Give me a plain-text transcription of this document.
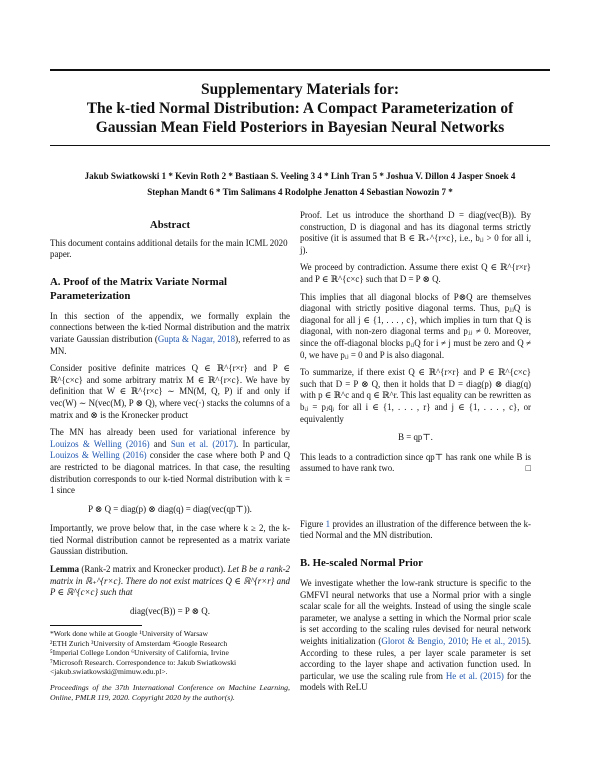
Supplementary Materials for:
The k-tied Normal Distribution: A Compact Parameterization of
Gaussian Mean Field Posteriors in Bayesian Neural Networks
Jakub Swiatkowski 1 * Kevin Roth 2 * Bastiaan S. Veeling 3 4 * Linh Tran 5 * Joshua V. Dillon 4 Jasper Snoek 4
Stephan Mandt 6 * Tim Salimans 4 Rodolphe Jenatton 4 Sebastian Nowozin 7 *
Abstract

This document contains additional details for the main ICML 2020 paper.

A. Proof of the Matrix Variate Normal Parameterization

In this section of the appendix, we formally explain the connections between the k-tied Normal distribution and the matrix variate Gaussian distribution (Gupta & Nagar, 2018), referred to as MN.

Consider positive definite matrices Q ∈ ℝ^{r×r} and P ∈ ℝ^{c×c} and some arbitrary matrix M ∈ ℝ^{r×c}. We have by definition that W ∈ ℝ^{r×c} ∼ MN(M, Q, P) if and only if vec(W) ∼ N(vec(M), P ⊗ Q), where vec(·) stacks the columns of a matrix and ⊗ is the Kronecker product

The MN has already been used for variational inference by Louizos & Welling (2016) and Sun et al. (2017). In particular, Louizos & Welling (2016) consider the case where both P and Q are restricted to be diagonal matrices. In that case, the resulting distribution corresponds to our k-tied Normal distribution with k = 1 since

P ⊗ Q = diag(p) ⊗ diag(q) = diag(vec(qp⊤)).

Importantly, we prove below that, in the case where k ≥ 2, the k-tied Normal distribution cannot be represented as a matrix variate Gaussian distribution.

Lemma (Rank-2 matrix and Kronecker product). Let B be a rank-2 matrix in ℝ₊^{r×c}. There do not exist matrices Q ∈ ℝ^{r×r} and P ∈ ℝ^{c×c} such that

diag(vec(B)) = P ⊗ Q.
*Work done while at Google ¹University of Warsaw
²ETH Zurich ³University of Amsterdam ⁴Google Research
⁵Imperial College London ⁶University of California, Irvine
⁷Microsoft Research. Correspondence to: Jakub Swiatkowski
<jakub.swiatkowski@mimuw.edu.pl>.
Proceedings of the 37th International Conference on Machine Learning, Online, PMLR 119, 2020. Copyright 2020 by the author(s).

Proof. Let us introduce the shorthand D = diag(vec(B)). By construction, D is diagonal and has its diagonal terms strictly positive (it is assumed that B ∈ ℝ₊^{r×c}, i.e., bᵢⱼ > 0 for all i, j).

We proceed by contradiction. Assume there exist Q ∈ ℝ^{r×r} and P ∈ ℝ^{c×c} such that D = P ⊗ Q.

This implies that all diagonal blocks of P⊗Q are themselves diagonal with strictly positive diagonal terms. Thus, pⱼⱼQ is diagonal for all j ∈ {1, . . . , c}, which implies in turn that Q is diagonal, with non-zero diagonal terms and pⱼⱼ ≠ 0. Moreover, since the off-diagonal blocks pᵢⱼQ for i ≠ j must be zero and Q ≠ 0, we have pᵢⱼ = 0 and P is also diagonal.

To summarize, if there exist Q ∈ ℝ^{r×r} and P ∈ ℝ^{c×c} such that D = P ⊗ Q, then it holds that D = diag(p) ⊗ diag(q) with p ∈ ℝ^c and q ∈ ℝ^r. This last equality can be rewritten as bᵢⱼ = pⱼqᵢ for all i ∈ {1, . . . , r} and j ∈ {1, . . . , c}, or equivalently

B = qp⊤.

This leads to a contradiction since qp⊤ has rank one while B is assumed to have rank two.	□

Figure 1 provides an illustration of the difference between the k-tied Normal and the MN distribution.

B. He-scaled Normal Prior

We investigate whether the low-rank structure is specific to the GMFVI neural networks that use a Normal prior with a single scalar scale for all the weights. Instead of using the single scale parameter, we analyse a setting in which the Normal prior scale is set according to the scaling rules devised for neural network weights initialization (Glorot & Bengio, 2010; He et al., 2015). According to these rules, a per layer scale parameter is set according to the layer shape and activation function used. In particular, we use the scaling rule from He et al. (2015) for the models with ReLU
